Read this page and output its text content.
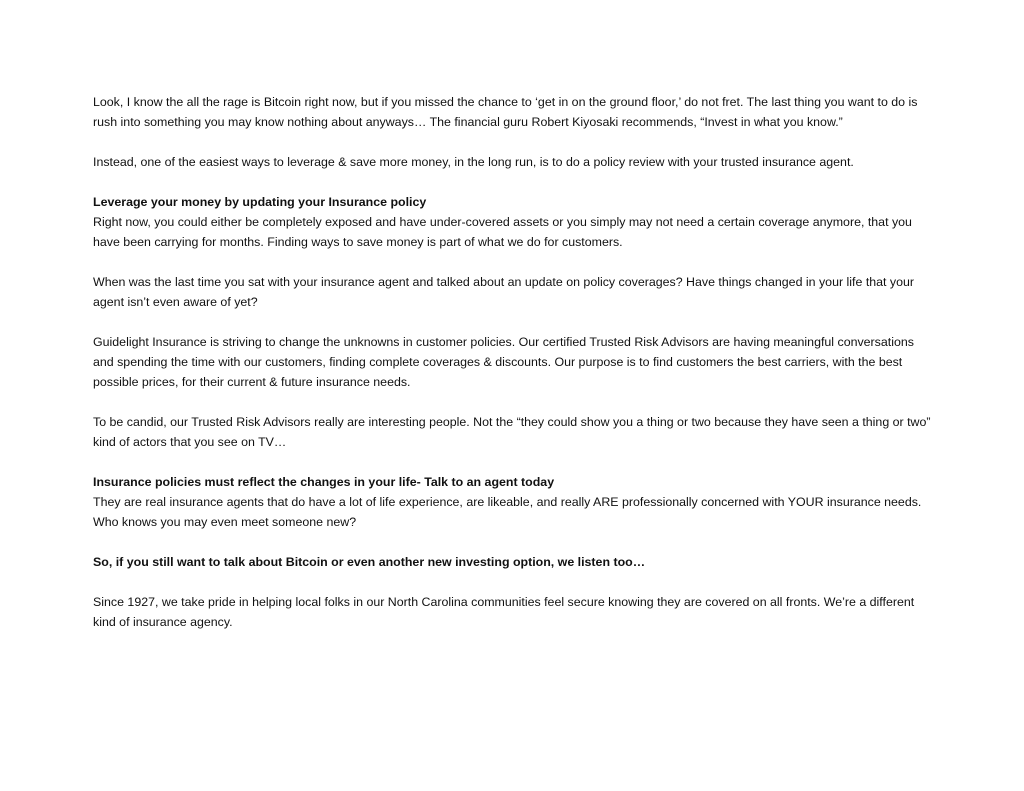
Look, I know the all the rage is Bitcoin right now, but if you missed the chance to ‘get in on the ground floor,’ do not fret. The last thing you want to do is rush into something you may know nothing about anyways… The financial guru Robert Kiyosaki recommends, “Invest in what you know.”

Instead, one of the easiest ways to leverage & save more money, in the long run, is to do a policy review with your trusted insurance agent.

Leverage your money by updating your Insurance policy
Right now, you could either be completely exposed and have under-covered assets or you simply may not need a certain coverage anymore, that you have been carrying for months. Finding ways to save money is part of what we do for customers.

When was the last time you sat with your insurance agent and talked about an update on policy coverages? Have things changed in your life that your agent isn’t even aware of yet?

Guidelight Insurance is striving to change the unknowns in customer policies. Our certified Trusted Risk Advisors are having meaningful conversations and spending the time with our customers, finding complete coverages & discounts. Our purpose is to find customers the best carriers, with the best possible prices, for their current & future insurance needs.

To be candid, our Trusted Risk Advisors really are interesting people. Not the “they could show you a thing or two because they have seen a thing or two” kind of actors that you see on TV…

Insurance policies must reflect the changes in your life- Talk to an agent today
They are real insurance agents that do have a lot of life experience, are likeable, and really ARE professionally concerned with YOUR insurance needs. Who knows you may even meet someone new?

So, if you still want to talk about Bitcoin or even another new investing option, we listen too…

Since 1927, we take pride in helping local folks in our North Carolina communities feel secure knowing they are covered on all fronts. We’re a different kind of insurance agency.
